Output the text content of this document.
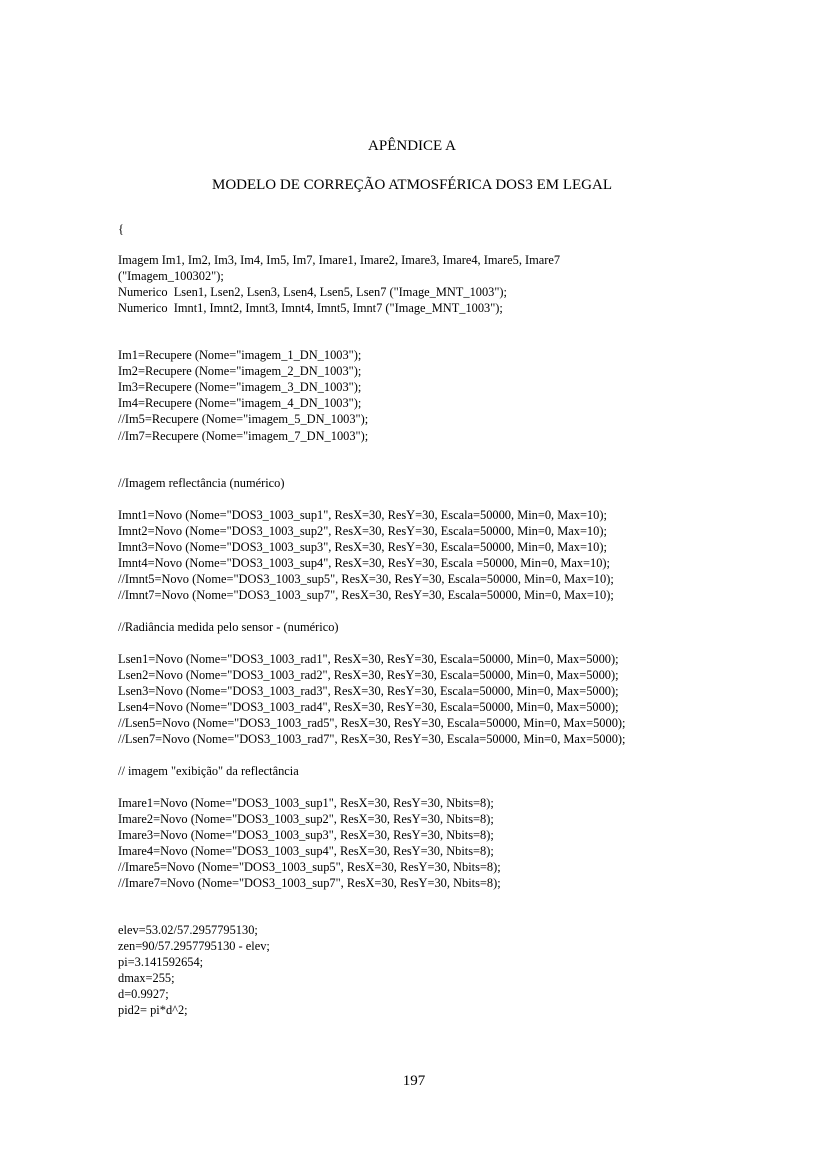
APÊNDICE A
MODELO DE CORREÇÃO ATMOSFÉRICA DOS3 EM LEGAL
{
Imagem Im1, Im2, Im3, Im4, Im5, Im7, Imare1, Imare2, Imare3, Imare4, Imare5, Imare7
("Imagem_100302");
Numerico  Lsen1, Lsen2, Lsen3, Lsen4, Lsen5, Lsen7 ("Image_MNT_1003");
Numerico  Imnt1, Imnt2, Imnt3, Imnt4, Imnt5, Imnt7 ("Image_MNT_1003");
Im1=Recupere (Nome="imagem_1_DN_1003");
Im2=Recupere (Nome="imagem_2_DN_1003");
Im3=Recupere (Nome="imagem_3_DN_1003");
Im4=Recupere (Nome="imagem_4_DN_1003");
//Im5=Recupere (Nome="imagem_5_DN_1003");
//Im7=Recupere (Nome="imagem_7_DN_1003");
//Imagem reflectância (numérico)
Imnt1=Novo (Nome="DOS3_1003_sup1", ResX=30, ResY=30, Escala=50000, Min=0, Max=10);
Imnt2=Novo (Nome="DOS3_1003_sup2", ResX=30, ResY=30, Escala=50000, Min=0, Max=10);
Imnt3=Novo (Nome="DOS3_1003_sup3", ResX=30, ResY=30, Escala=50000, Min=0, Max=10);
Imnt4=Novo (Nome="DOS3_1003_sup4", ResX=30, ResY=30, Escala =50000, Min=0, Max=10);
//Imnt5=Novo (Nome="DOS3_1003_sup5", ResX=30, ResY=30, Escala=50000, Min=0, Max=10);
//Imnt7=Novo (Nome="DOS3_1003_sup7", ResX=30, ResY=30, Escala=50000, Min=0, Max=10);
//Radiância medida pelo sensor - (numérico)
Lsen1=Novo (Nome="DOS3_1003_rad1", ResX=30, ResY=30, Escala=50000, Min=0, Max=5000);
Lsen2=Novo (Nome="DOS3_1003_rad2", ResX=30, ResY=30, Escala=50000, Min=0, Max=5000);
Lsen3=Novo (Nome="DOS3_1003_rad3", ResX=30, ResY=30, Escala=50000, Min=0, Max=5000);
Lsen4=Novo (Nome="DOS3_1003_rad4", ResX=30, ResY=30, Escala=50000, Min=0, Max=5000);
//Lsen5=Novo (Nome="DOS3_1003_rad5", ResX=30, ResY=30, Escala=50000, Min=0, Max=5000);
//Lsen7=Novo (Nome="DOS3_1003_rad7", ResX=30, ResY=30, Escala=50000, Min=0, Max=5000);
// imagem "exibição" da reflectância
Imare1=Novo (Nome="DOS3_1003_sup1", ResX=30, ResY=30, Nbits=8);
Imare2=Novo (Nome="DOS3_1003_sup2", ResX=30, ResY=30, Nbits=8);
Imare3=Novo (Nome="DOS3_1003_sup3", ResX=30, ResY=30, Nbits=8);
Imare4=Novo (Nome="DOS3_1003_sup4", ResX=30, ResY=30, Nbits=8);
//Imare5=Novo (Nome="DOS3_1003_sup5", ResX=30, ResY=30, Nbits=8);
//Imare7=Novo (Nome="DOS3_1003_sup7", ResX=30, ResY=30, Nbits=8);
elev=53.02/57.2957795130;
zen=90/57.2957795130 - elev;
pi=3.141592654;
dmax=255;
d=0.9927;
pid2= pi*d^2;
197
